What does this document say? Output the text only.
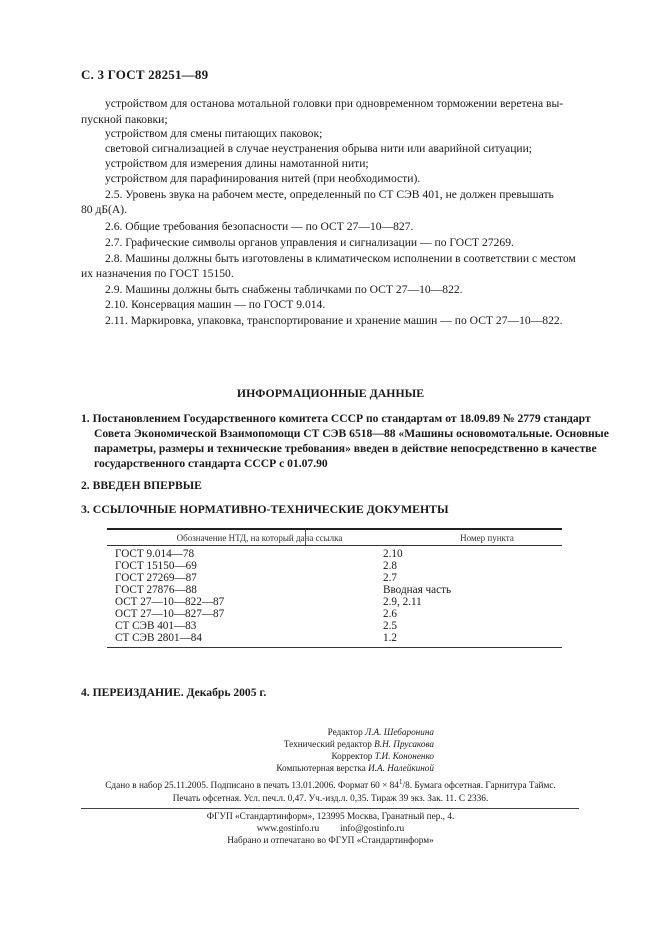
С. 3 ГОСТ 28251—89
устройством для останова мотальной головки при одновременном торможении веретена вы-
пускной паковки;
устройством для смены питающих паковок;
световой сигнализацией в случае неустранения обрыва нити или аварийной ситуации;
устройством для измерения длины намотанной нити;
устройством для парафинирования нитей (при необходимости).
2.5. Уровень звука на рабочем месте, определенный по СТ СЭВ 401, не должен превышать
80 дБ(А).
2.6. Общие требования безопасности — по ОСТ 27—10—827.
2.7. Графические символы органов управления и сигнализации — по ГОСТ 27269.
2.8. Машины должны быть изготовлены в климатическом исполнении в соответствии с местом
их назначения по ГОСТ 15150.
2.9. Машины должны быть снабжены табличками по ОСТ 27—10—822.
2.10. Консервация машин — по ГОСТ 9.014.
2.11. Маркировка, упаковка, транспортирование и хранение машин — по ОСТ 27—10—822.
ИНФОРМАЦИОННЫЕ ДАННЫЕ
1. Постановлением Государственного комитета СССР по стандартам от 18.09.89 № 2779 стандарт
Совета Экономической Взаимопомощи СТ СЭВ 6518—88 «Машины основомотальные. Основные
параметры, размеры и технические требования» введен в действие непосредственно в качестве
государственного стандарта СССР с 01.07.90
2. ВВЕДЕН ВПЕРВЫЕ
3. ССЫЛОЧНЫЕ НОРМАТИВНО-ТЕХНИЧЕСКИЕ ДОКУМЕНТЫ
Обозначение НТД, на который дана ссылка	Номер пункта
ГОСТ 9.014—78	2.10
ГОСТ 15150—69	2.8
ГОСТ 27269—87	2.7
ГОСТ 27876—88	Вводная часть
ОСТ 27—10—822—87	2.9, 2.11
ОСТ 27—10—827—87	2.6
СТ СЭВ 401—83	2.5
СТ СЭВ 2801—84	1.2
4. ПЕРЕИЗДАНИЕ. Декабрь 2005 г.
Редактор Л.А. Шебаронина
Технический редактор В.Н. Прусакова
Корректор Т.И. Кононенко
Компьютерная верстка И.А. Налейкиной
Сдано в набор 25.11.2005. Подписано в печать 13.01.2006. Формат $60 \times 84^1/8$. Бумага офсетная. Гарнитура Таймс.
Печать офсетная. Усл. печ.л. 0,47. Уч.-изд.л. 0,35. Тираж 39 экз. Зак. 11. С 2336.
ФГУП «Стандартинформ», 123995 Москва, Гранатный пер., 4.
www.gostinfo.ru info@gostinfo.ru
Набрано и отпечатано во ФГУП «Стандартинформ»
